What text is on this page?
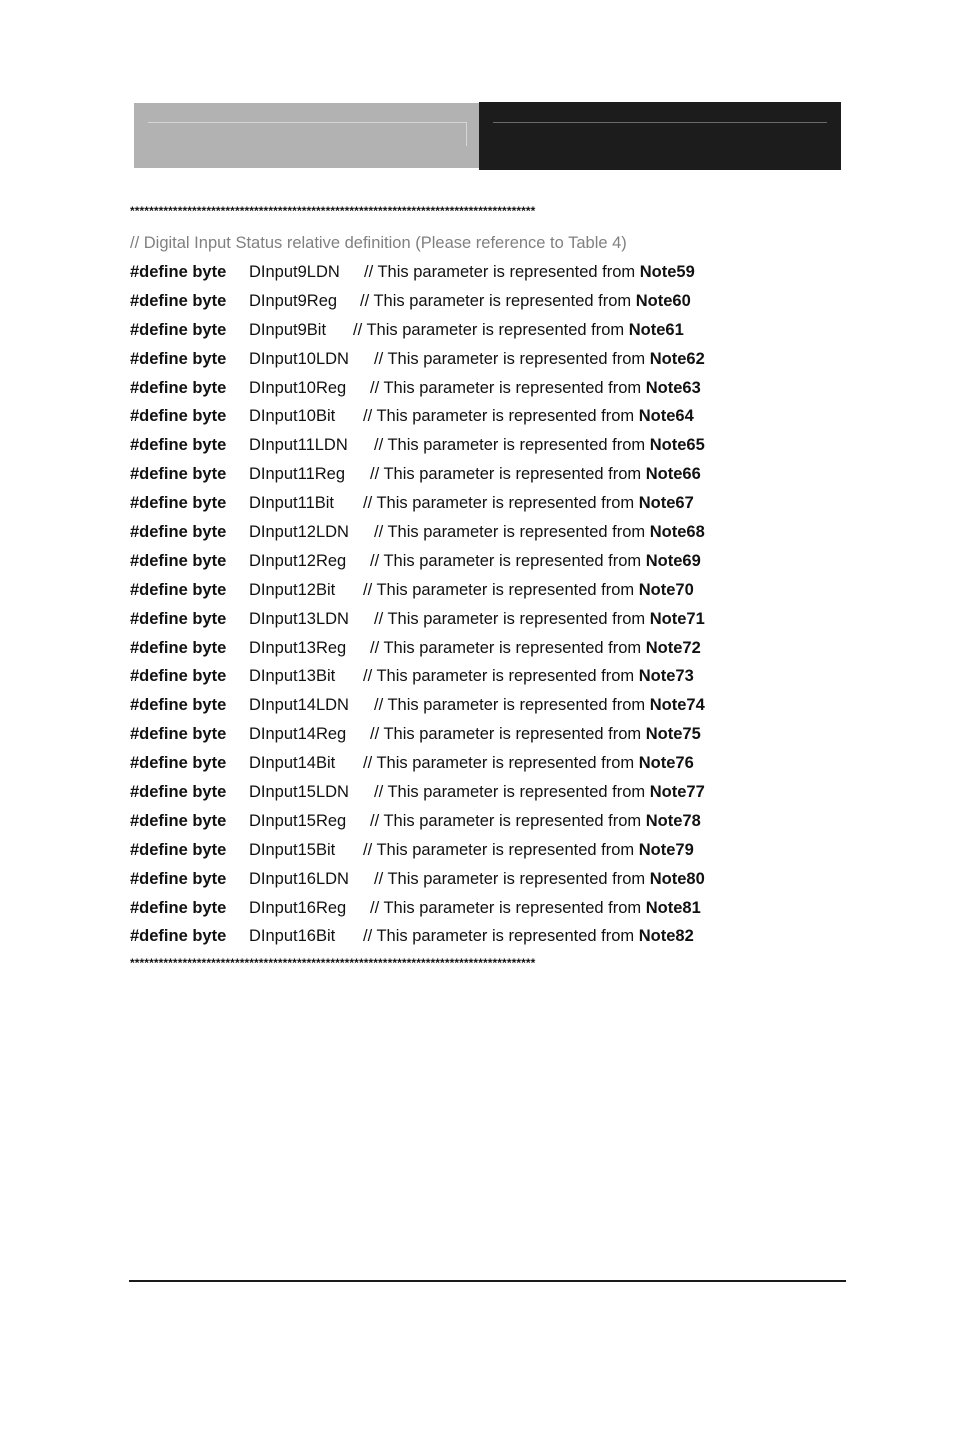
*************************************************************************************
// Digital Input Status relative definition (Please reference to Table 4)
#define byte DInput9LDN // This parameter is represented from Note59
#define byte DInput9Reg // This parameter is represented from Note60
#define byte DInput9Bit // This parameter is represented from Note61
#define byte DInput10LDN // This parameter is represented from Note62
#define byte DInput10Reg // This parameter is represented from Note63
#define byte DInput10Bit // This parameter is represented from Note64
#define byte DInput11LDN // This parameter is represented from Note65
#define byte DInput11Reg // This parameter is represented from Note66
#define byte DInput11Bit // This parameter is represented from Note67
#define byte DInput12LDN // This parameter is represented from Note68
#define byte DInput12Reg // This parameter is represented from Note69
#define byte DInput12Bit // This parameter is represented from Note70
#define byte DInput13LDN // This parameter is represented from Note71
#define byte DInput13Reg // This parameter is represented from Note72
#define byte DInput13Bit // This parameter is represented from Note73
#define byte DInput14LDN // This parameter is represented from Note74
#define byte DInput14Reg // This parameter is represented from Note75
#define byte DInput14Bit // This parameter is represented from Note76
#define byte DInput15LDN // This parameter is represented from Note77
#define byte DInput15Reg // This parameter is represented from Note78
#define byte DInput15Bit // This parameter is represented from Note79
#define byte DInput16LDN // This parameter is represented from Note80
#define byte DInput16Reg // This parameter is represented from Note81
#define byte DInput16Bit // This parameter is represented from Note82
*************************************************************************************
